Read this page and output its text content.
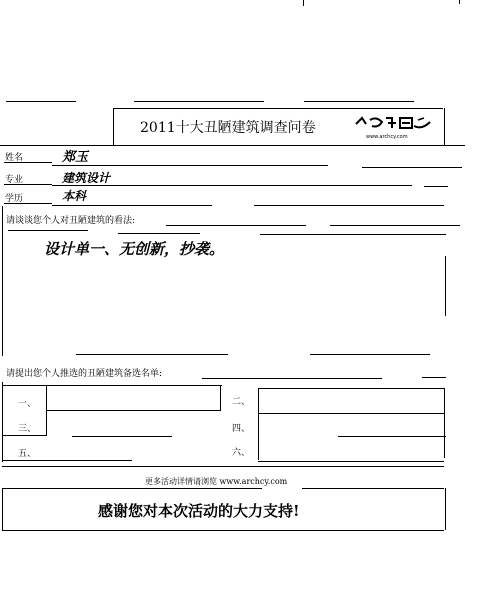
2011十大丑陋建筑调查问卷
www.archcy.com
姓名	郑玉
专业	建筑设计
学历	本科
请谈谈您个人对丑陋建筑的看法:
设计单一、无创新，抄袭。
请提出您个人推选的丑陋建筑备选名单:
一、	二、
三、	四、
五、	六、
更多活动详情请浏览 www.archcy.com
感谢您对本次活动的大力支持!
